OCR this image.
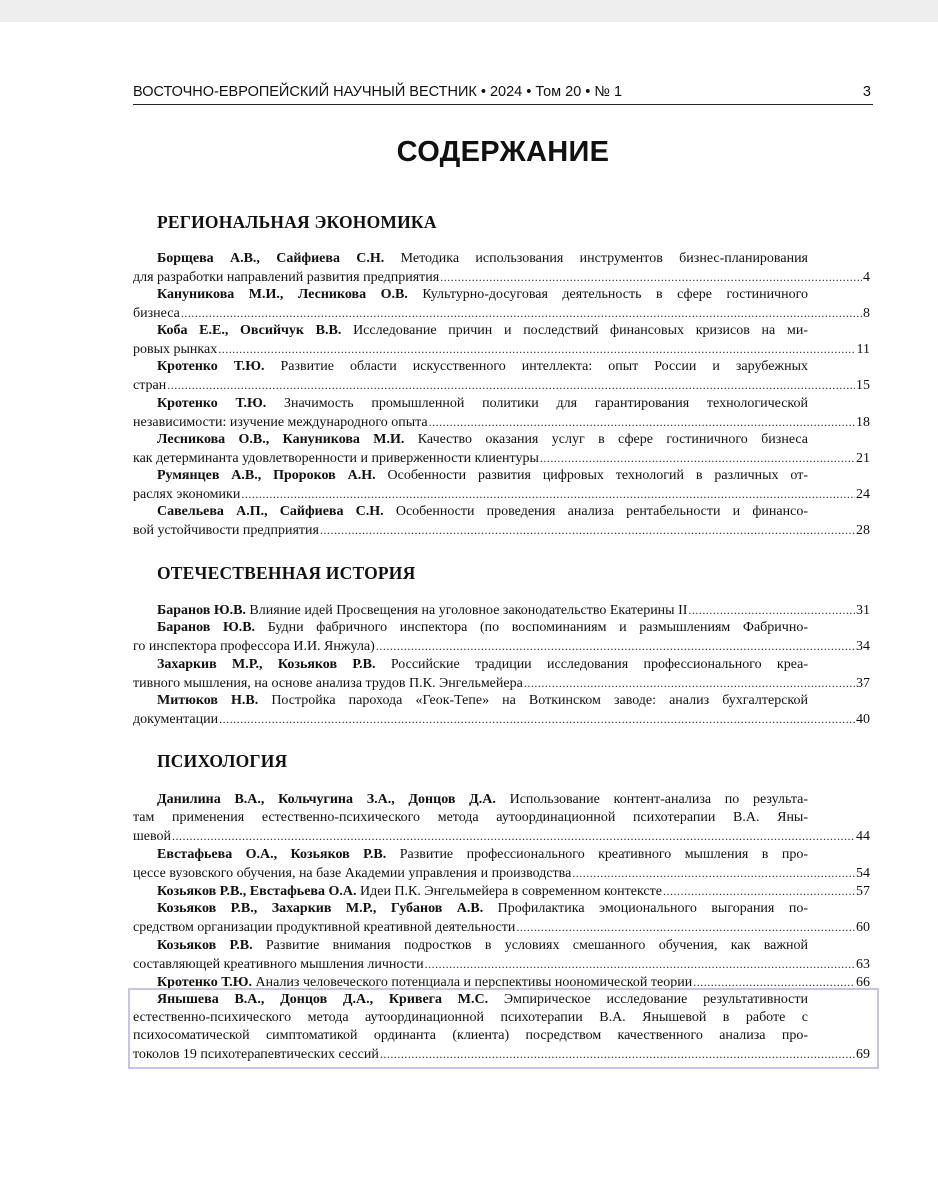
ВОСТОЧНО-ЕВРОПЕЙСКИЙ НАУЧНЫЙ ВЕСТНИК • 2024 • Том 20 • № 1	3
СОДЕРЖАНИЕ
РЕГИОНАЛЬНАЯ ЭКОНОМИКА
Борщева А.В., Сайфиева С.Н. Методика использования инструментов бизнес-планирования
для разработки направлений развития предприятия .....	4
Кануникова М.И., Лесникова О.В. Культурно-досуговая деятельность в сфере гостиничного
бизнеса .....	8
Коба Е.Е., Овсийчук В.В. Исследование причин и последствий финансовых кризисов на ми-
ровых рынках .....	11
Кротенко Т.Ю. Развитие области искусственного интеллекта: опыт России и зарубежных
стран .....	15
Кротенко Т.Ю. Значимость промышленной политики для гарантирования технологической
независимости: изучение международного опыта .....	18
Лесникова О.В., Кануникова М.И. Качество оказания услуг в сфере гостиничного бизнеса
как детерминанта удовлетворенности и приверженности клиентуры .....	21
Румянцев А.В., Пророков А.Н. Особенности развития цифровых технологий в различных от-
раслях экономики .....	24
Савельева А.П., Сайфиева С.Н. Особенности проведения анализа рентабельности и финансо-
вой устойчивости предприятия .....	28
ОТЕЧЕСТВЕННАЯ ИСТОРИЯ
Баранов Ю.В. Влияние идей Просвещения на уголовное законодательство Екатерины II .....	31
Баранов Ю.В. Будни фабричного инспектора (по воспоминаниям и размышлениям Фабрично-
го инспектора профессора И.И. Янжула) .....	34
Захаркив М.Р., Козьяков Р.В. Российские традиции исследования профессионального креа-
тивного мышления, на основе анализа трудов П.К. Энгельмейера .....	37
Митюков Н.В. Постройка парохода «Геок-Тепе» на Воткинском заводе: анализ бухгалтерской
документации .....	40
ПСИХОЛОГИЯ
Данилина В.А., Кольчугина З.А., Донцов Д.А. Использование контент-анализа по результа-
там применения естественно-психического метода аутоординационной психотерапии В.А. Яны-
шевой .....	44
Евстафьева О.А., Козьяков Р.В. Развитие профессионального креативного мышления в про-
цессе вузовского обучения, на базе Академии управления и производства .....	54
Козьяков Р.В., Евстафьева О.А. Идеи П.К. Энгельмейера в современном контексте .....	57
Козьяков Р.В., Захаркив М.Р., Губанов А.В. Профилактика эмоционального выгорания по-
средством организации продуктивной креативной деятельности .....	60
Козьяков Р.В. Развитие внимания подростков в условиях смешанного обучения, как важной
составляющей креативного мышления личности .....	63
Кротенко Т.Ю. Анализ человеческого потенциала и перспективы ноономической теории .....	66
Янышева В.А., Донцов Д.А., Кривега М.С. Эмпирическое исследование результативности
естественно-психического метода аутоординационной психотерапии В.А. Янышевой в работе с
психосоматической симптоматикой ординанта (клиента) посредством качественного анализа про-
токолов 19 психотерапевтических сессий .....	69
